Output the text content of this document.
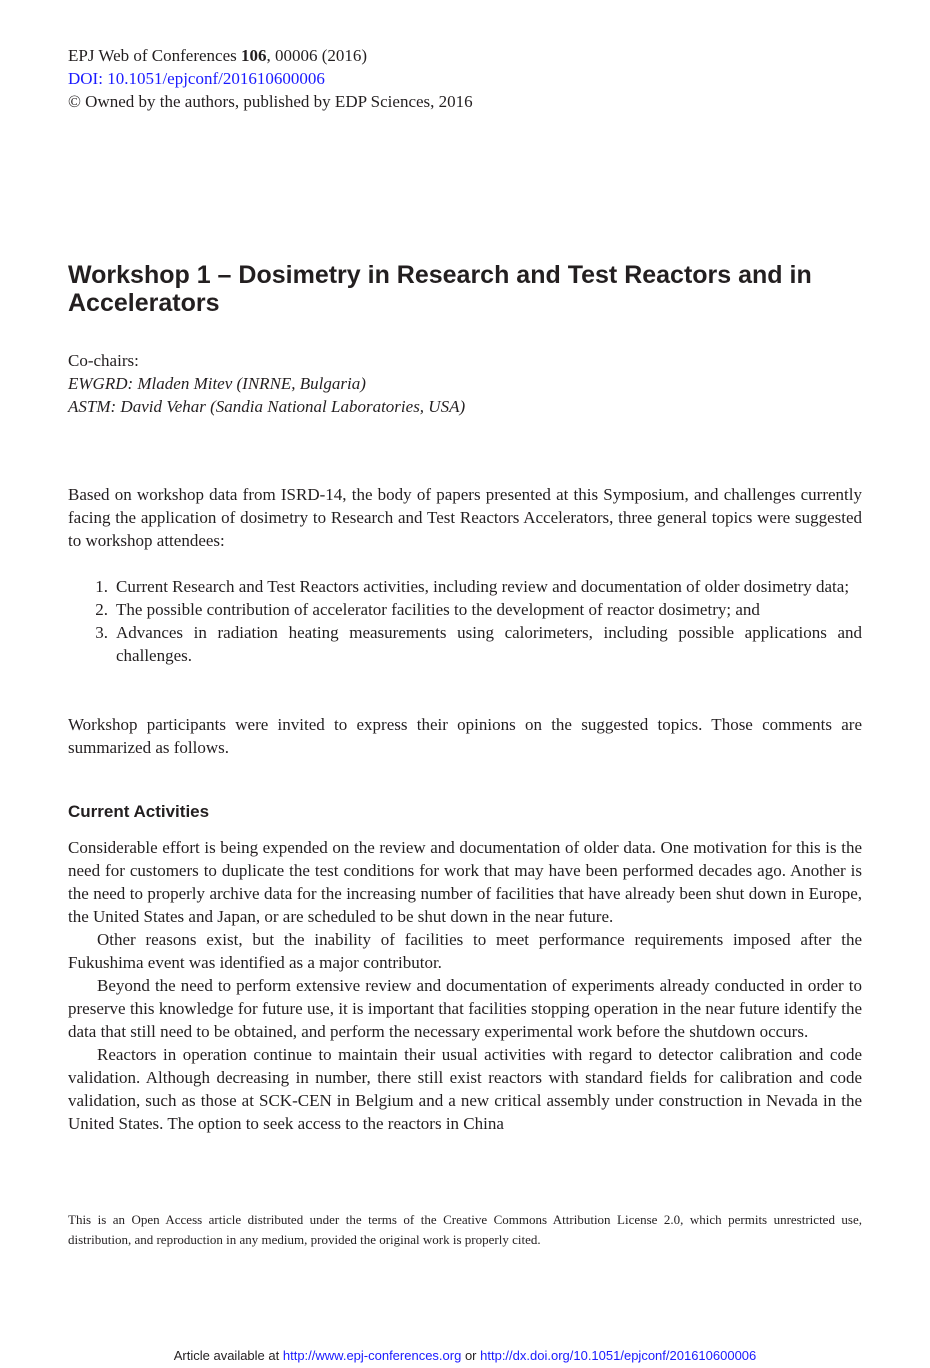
EPJ Web of Conferences 106, 00006 (2016)
DOI: 10.1051/epjconf/201610600006
© Owned by the authors, published by EDP Sciences, 2016
Workshop 1 – Dosimetry in Research and Test Reactors and in Accelerators
Co-chairs:
EWGRD: Mladen Mitev (INRNE, Bulgaria)
ASTM: David Vehar (Sandia National Laboratories, USA)

Based on workshop data from ISRD-14, the body of papers presented at this Symposium, and challenges currently facing the application of dosimetry to Research and Test Reactors Accelerators, three general topics were suggested to workshop attendees:

1. Current Research and Test Reactors activities, including review and documentation of older dosimetry data;
2. The possible contribution of accelerator facilities to the development of reactor dosimetry; and
3. Advances in radiation heating measurements using calorimeters, including possible applications and challenges.

Workshop participants were invited to express their opinions on the suggested topics. Those comments are summarized as follows.

Current Activities

Considerable effort is being expended on the review and documentation of older data. One motivation for this is the need for customers to duplicate the test conditions for work that may have been performed decades ago. Another is the need to properly archive data for the increasing number of facilities that have already been shut down in Europe, the United States and Japan, or are scheduled to be shut down in the near future.

Other reasons exist, but the inability of facilities to meet performance requirements imposed after the Fukushima event was identified as a major contributor.

Beyond the need to perform extensive review and documentation of experiments already conducted in order to preserve this knowledge for future use, it is important that facilities stopping operation in the near future identify the data that still need to be obtained, and perform the necessary experimental work before the shutdown occurs.

Reactors in operation continue to maintain their usual activities with regard to detector calibration and code validation. Although decreasing in number, there still exist reactors with standard fields for calibration and code validation, such as those at SCK-CEN in Belgium and a new critical assembly under construction in Nevada in the United States. The option to seek access to the reactors in China

This is an Open Access article distributed under the terms of the Creative Commons Attribution License 2.0, which permits unrestricted use, distribution, and reproduction in any medium, provided the original work is properly cited.
Article available at http://www.epj-conferences.org or http://dx.doi.org/10.1051/epjconf/201610600006
